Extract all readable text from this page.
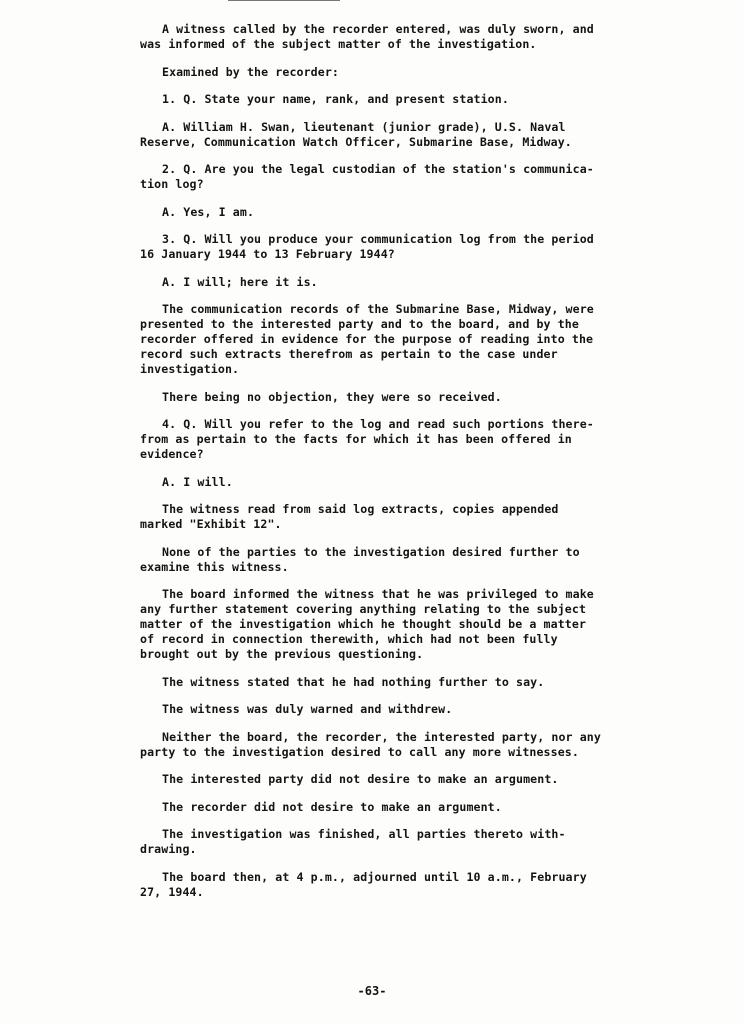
A witness called by the recorder entered, was duly sworn, and
was informed of the subject matter of the investigation.

Examined by the recorder:

1. Q. State your name, rank, and present station.

A. William H. Swan, lieutenant (junior grade), U.S. Naval
Reserve, Communication Watch Officer, Submarine Base, Midway.

2. Q. Are you the legal custodian of the station's communica-
tion log?

A. Yes, I am.

3. Q. Will you produce your communication log from the period
16 January 1944 to 13 February 1944?

A. I will; here it is.

The communication records of the Submarine Base, Midway, were
presented to the interested party and to the board, and by the
recorder offered in evidence for the purpose of reading into the
record such extracts therefrom as pertain to the case under
investigation.

There being no objection, they were so received.

4. Q. Will you refer to the log and read such portions there-
from as pertain to the facts for which it has been offered in
evidence?

A. I will.

The witness read from said log extracts, copies appended
marked "Exhibit 12".

None of the parties to the investigation desired further to
examine this witness.

The board informed the witness that he was privileged to make
any further statement covering anything relating to the subject
matter of the investigation which he thought should be a matter
of record in connection therewith, which had not been fully
brought out by the previous questioning.

The witness stated that he had nothing further to say.

The witness was duly warned and withdrew.

Neither the board, the recorder, the interested party, nor any
party to the investigation desired to call any more witnesses.

The interested party did not desire to make an argument.

The recorder did not desire to make an argument.

The investigation was finished, all parties thereto with-
drawing.

The board then, at 4 p.m., adjourned until 10 a.m., February
27, 1944.

-63-
